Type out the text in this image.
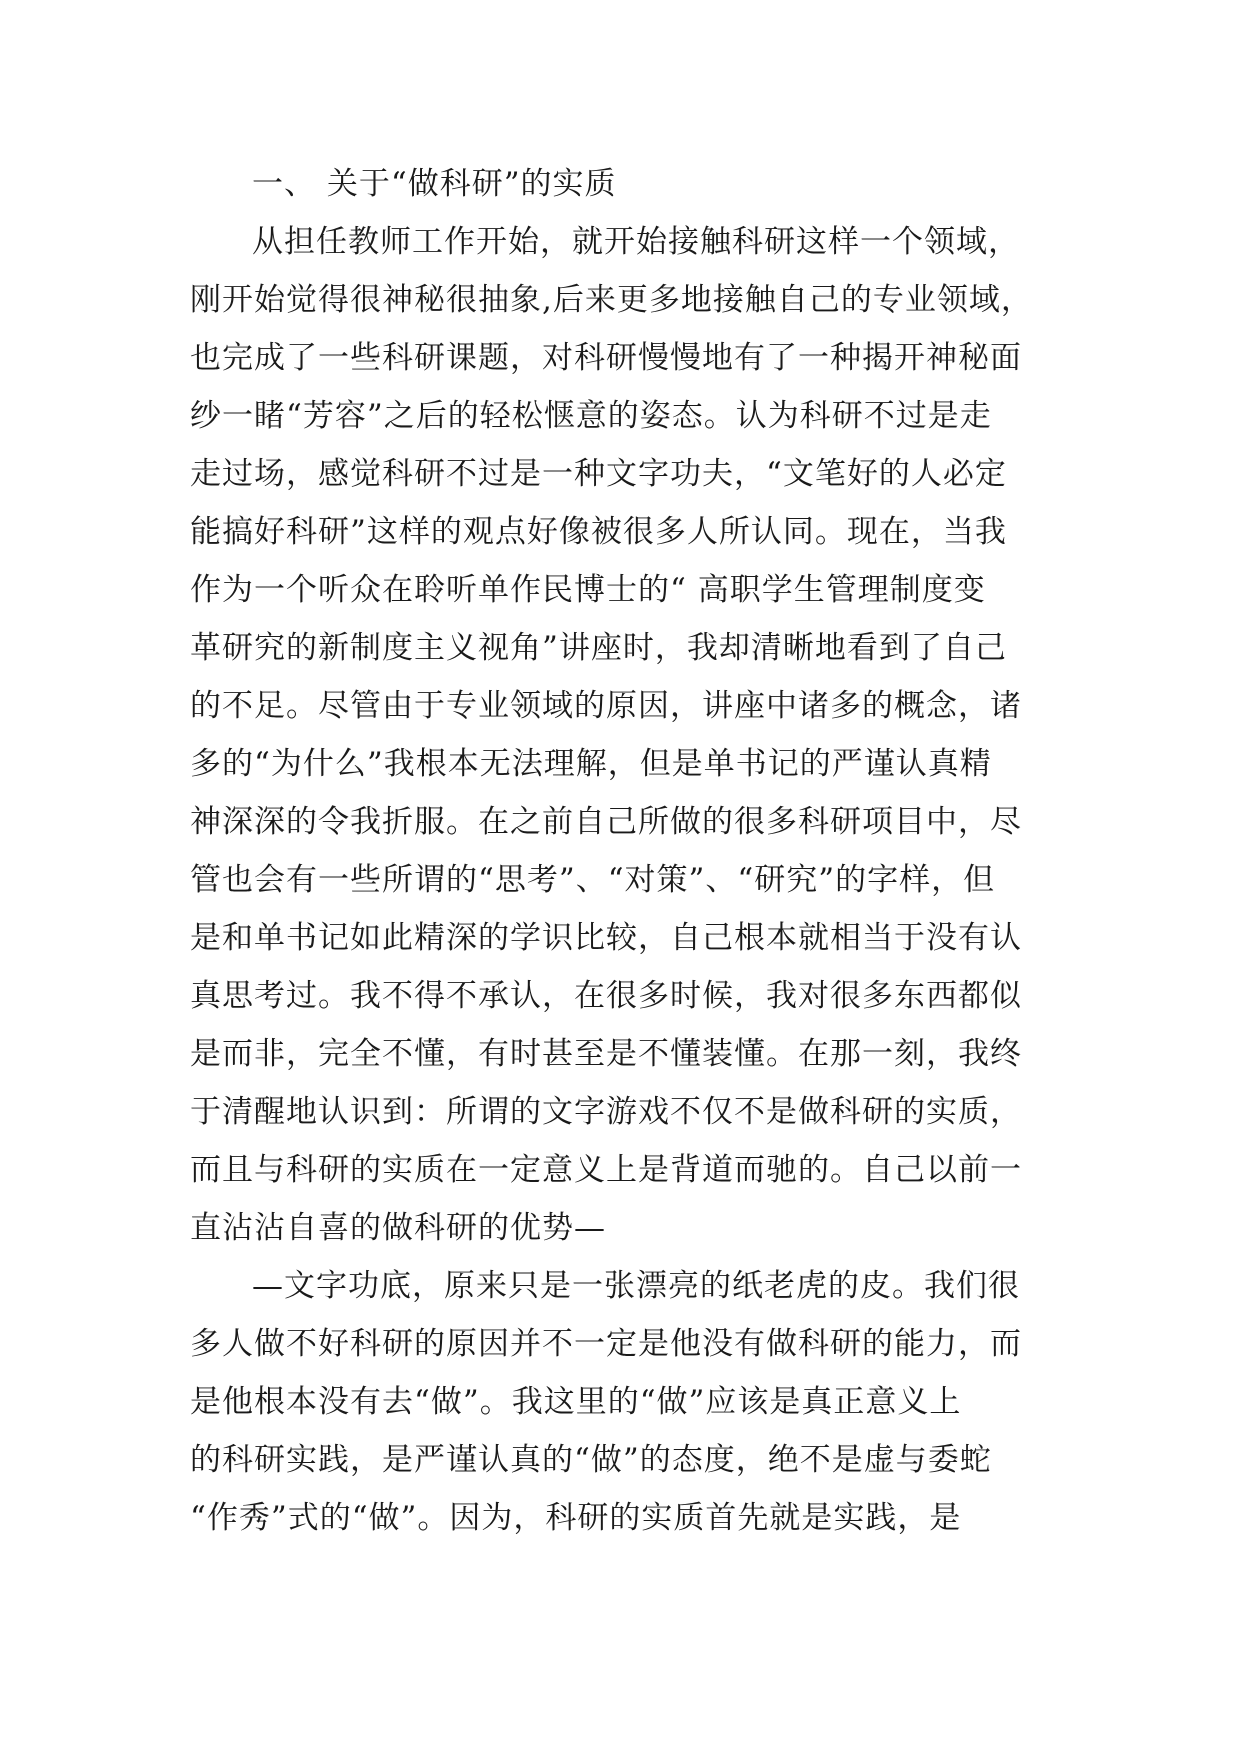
一、 关于“做科研”的实质
从担任教师工作开始，就开始接触科研这样一个领域，
刚开始觉得很神秘很抽象,后来更多地接触自己的专业领域，
也完成了一些科研课题，对科研慢慢地有了一种揭开神秘面
纱一睹“芳容”之后的轻松惬意的姿态。认为科研不过是走
走过场，感觉科研不过是一种文字功夫，“文笔好的人必定
能搞好科研”这样的观点好像被很多人所认同。现在，当我
作为一个听众在聆听单作民博士的“ 高职学生管理制度变
革研究的新制度主义视角”讲座时，我却清晰地看到了自己
的不足。尽管由于专业领域的原因，讲座中诸多的概念，诸
多的“为什么”我根本无法理解，但是单书记的严谨认真精
神深深的令我折服。在之前自己所做的很多科研项目中，尽
管也会有一些所谓的“思考”、“对策”、“研究”的字样，但
是和单书记如此精深的学识比较，自己根本就相当于没有认
真思考过。我不得不承认，在很多时候，我对很多东西都似
是而非，完全不懂，有时甚至是不懂装懂。在那一刻，我终
于清醒地认识到：所谓的文字游戏不仅不是做科研的实质，
而且与科研的实质在一定意义上是背道而驰的。自己以前一
直沾沾自喜的做科研的优势—
—文字功底，原来只是一张漂亮的纸老虎的皮。我们很
多人做不好科研的原因并不一定是他没有做科研的能力，而
是他根本没有去“做”。我这里的“做”应该是真正意义上
的科研实践，是严谨认真的“做”的态度，绝不是虚与委蛇
“作秀”式的“做”。因为，科研的实质首先就是实践，是
